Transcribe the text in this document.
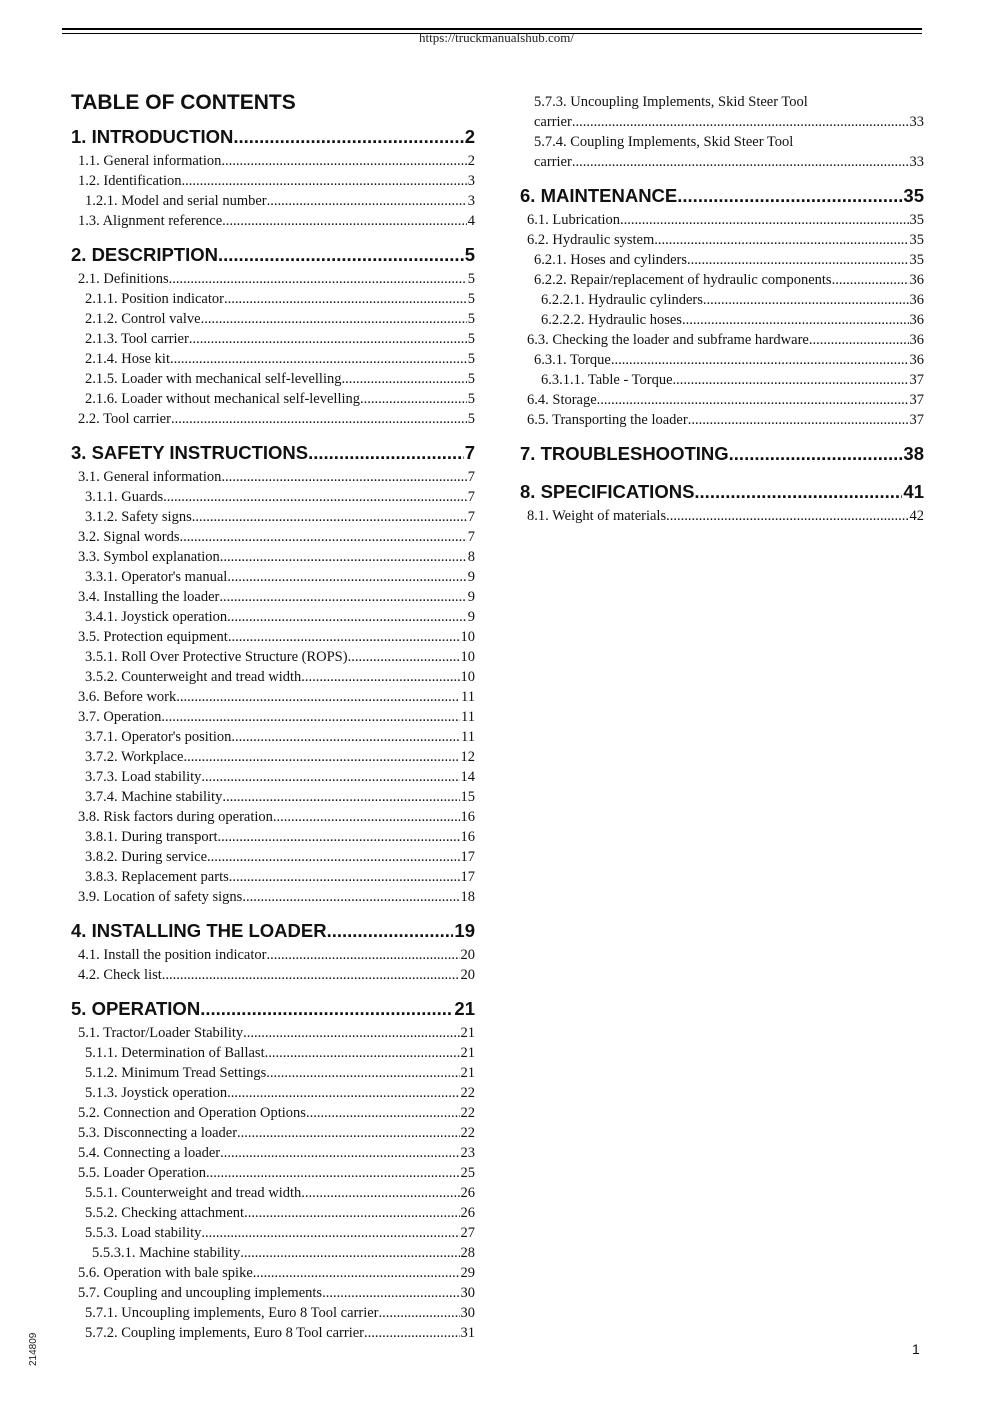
https://truckmanualshub.com/
TABLE OF CONTENTS
1. INTRODUCTION .....	2
1.1. General information .....	2
1.2. Identification .....	3
1.2.1. Model and serial number .....	3
1.3. Alignment reference .....	4
2. DESCRIPTION .....	5
2.1. Definitions .....	5
2.1.1. Position indicator .....	5
2.1.2. Control valve .....	5
2.1.3. Tool carrier .....	5
2.1.4. Hose kit .....	5
2.1.5. Loader with mechanical self-levelling .....	5
2.1.6. Loader without mechanical self-levelling .....	5
2.2. Tool carrier .....	5
3. SAFETY INSTRUCTIONS .....	7
3.1. General information .....	7
3.1.1. Guards .....	7
3.1.2. Safety signs .....	7
3.2. Signal words .....	7
3.3. Symbol explanation .....	8
3.3.1. Operator's manual .....	9
3.4. Installing the loader .....	9
3.4.1. Joystick operation .....	9
3.5. Protection equipment .....	10
3.5.1. Roll Over Protective Structure (ROPS) .....	10
3.5.2. Counterweight and tread width .....	10
3.6. Before work .....	11
3.7. Operation .....	11
3.7.1. Operator's position .....	11
3.7.2. Workplace .....	12
3.7.3. Load stability .....	14
3.7.4. Machine stability .....	15
3.8. Risk factors during operation .....	16
3.8.1. During transport .....	16
3.8.2. During service .....	17
3.8.3. Replacement parts .....	17
3.9. Location of safety signs .....	18
4. INSTALLING THE LOADER .....	19
4.1. Install the position indicator .....	20
4.2. Check list .....	20
5. OPERATION .....	21
5.1. Tractor/Loader Stability .....	21
5.1.1. Determination of Ballast .....	21
5.1.2. Minimum Tread Settings .....	21
5.1.3. Joystick operation .....	22
5.2. Connection and Operation Options .....	22
5.3. Disconnecting a loader .....	22
5.4. Connecting a loader .....	23
5.5. Loader Operation .....	25
5.5.1. Counterweight and tread width .....	26
5.5.2. Checking attachment .....	26
5.5.3. Load stability .....	27
5.5.3.1. Machine stability .....	28
5.6. Operation with bale spike .....	29
5.7. Coupling and uncoupling implements .....	30
5.7.1. Uncoupling implements, Euro 8 Tool carrier .....	30
5.7.2. Coupling implements, Euro 8 Tool carrier .....	31
5.7.3. Uncoupling Implements, Skid Steer Tool
carrier .....	33
5.7.4. Coupling Implements, Skid Steer Tool
carrier .....	33
6. MAINTENANCE .....	35
6.1. Lubrication .....	35
6.2. Hydraulic system .....	35
6.2.1. Hoses and cylinders .....	35
6.2.2. Repair/replacement of hydraulic components .....	36
6.2.2.1. Hydraulic cylinders .....	36
6.2.2.2. Hydraulic hoses .....	36
6.3. Checking the loader and subframe hardware .....	36
6.3.1. Torque .....	36
6.3.1.1. Table - Torque .....	37
6.4. Storage .....	37
6.5. Transporting the loader .....	37
7. TROUBLESHOOTING .....	38
8. SPECIFICATIONS .....	41
8.1. Weight of materials .....	42
214809	1
